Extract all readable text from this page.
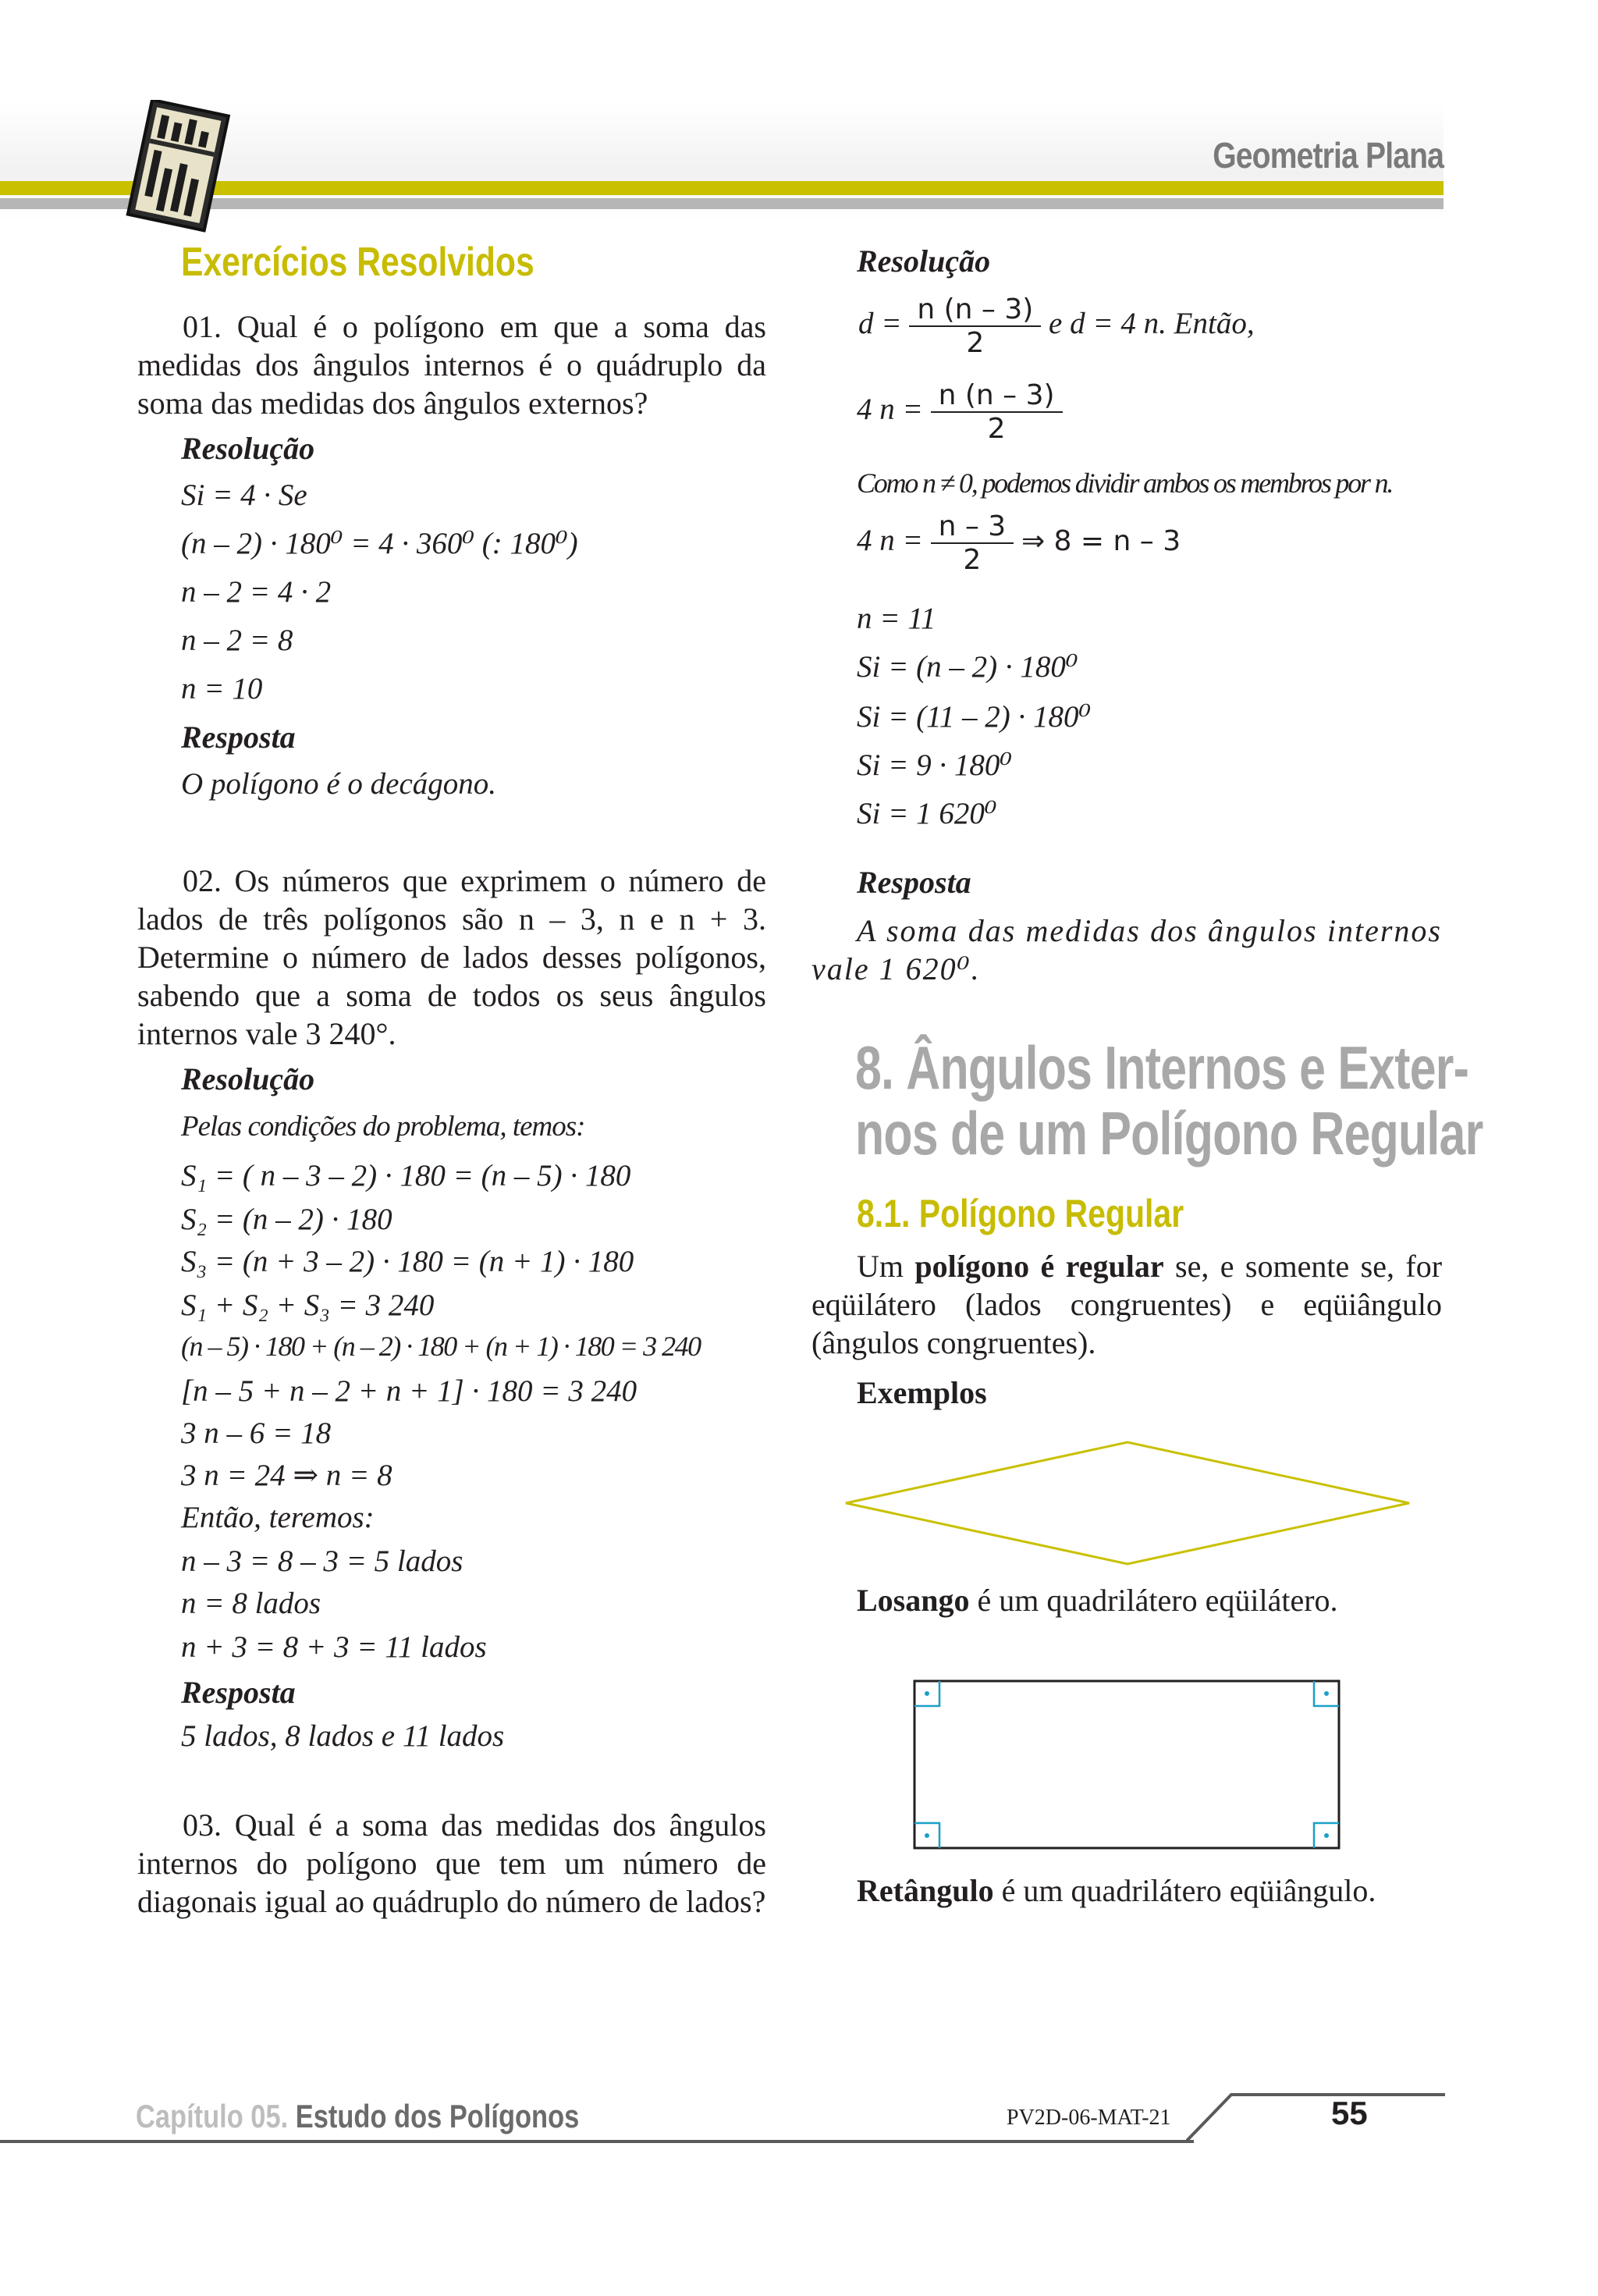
Geometria Plana
Exercícios Resolvidos
01. Qual é o polígono em que a soma das medidas dos ângulos internos é o quádruplo da soma das medidas dos ângulos externos?
Resolução
Si = 4 · Se
(n – 2) · 180⁰ = 4 · 360⁰ (: 180⁰)
n – 2 = 4 · 2
n – 2 = 8
n = 10
Resposta
O polígono é o decágono.
02. Os números que exprimem o número de lados de três polígonos são n – 3, n e n + 3. Determine o número de lados desses polígonos, sabendo que a soma de todos os seus ângulos internos vale 3 240°.
Resolução
Pelas condições do problema, temos:
S₁ = ( n – 3 – 2) · 180 = (n – 5) · 180
S₂ = (n – 2) · 180
S₃ = (n + 3 – 2) · 180 = (n + 1) · 180
S₁ + S₂ + S₃ = 3 240
(n – 5) · 180 + (n – 2) · 180 + (n + 1) · 180 = 3 240
[n – 5 + n – 2 + n + 1] · 180 = 3 240
3 n – 6 = 18
3 n = 24 ⇒ n = 8
Então, teremos:
n – 3 = 8 – 3 = 5 lados
n = 8 lados
n + 3 = 8 + 3 = 11 lados
Resposta
5 lados, 8 lados e 11 lados
03. Qual é a soma das medidas dos ângulos internos do polígono que tem um número de diagonais igual ao quádruplo do número de lados?
Resolução
$d = \frac{n (n - 3)}{2}$ e d = 4 n. Então,
4 $n = \frac{n (n - 3)}{2}$
Como n ≠ 0, podemos dividir ambos os membros por n.
4 $n = \frac{n - 3}{2}$ ⇒ 8 = n – 3
n = 11
Si = (n – 2) · 180⁰
Si = (11 – 2) · 180⁰
Si = 9 · 180⁰
Si = 1 620⁰
Resposta
A soma das medidas dos ângulos internos vale 1 620⁰.
8. Ângulos Internos e Exter-
nos de um Polígono Regular
8.1. Polígono Regular
Um polígono é regular se, e somente se, for eqüilátero (lados congruentes) e eqüiângulo (ângulos congruentes).
Exemplos
Losango é um quadrilátero eqüilátero.
Retângulo é um quadrilátero eqüiângulo.
Capítulo 05. Estudo dos Polígonos	PV2D-06-MAT-21	55
